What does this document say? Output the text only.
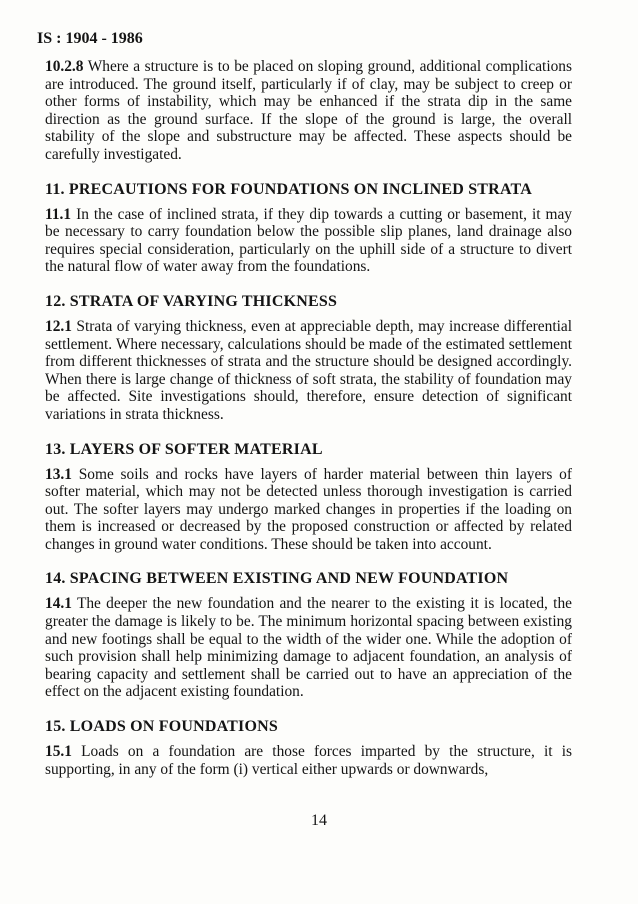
IS : 1904 - 1986

10.2.8 Where a structure is to be placed on sloping ground, additional complications are introduced. The ground itself, particularly if of clay, may be subject to creep or other forms of instability, which may be enhanced if the strata dip in the same direction as the ground surface. If the slope of the ground is large, the overall stability of the slope and substructure may be affected. These aspects should be carefully investigated.

11. PRECAUTIONS FOR FOUNDATIONS ON INCLINED STRATA

11.1 In the case of inclined strata, if they dip towards a cutting or basement, it may be necessary to carry foundation below the possible slip planes, land drainage also requires special consideration, particularly on the uphill side of a structure to divert the natural flow of water away from the foundations.

12. STRATA OF VARYING THICKNESS

12.1 Strata of varying thickness, even at appreciable depth, may increase differential settlement. Where necessary, calculations should be made of the estimated settlement from different thicknesses of strata and the structure should be designed accordingly. When there is large change of thickness of soft strata, the stability of foundation may be affected. Site investigations should, therefore, ensure detection of significant variations in strata thickness.

13. LAYERS OF SOFTER MATERIAL

13.1 Some soils and rocks have layers of harder material between thin layers of softer material, which may not be detected unless thorough investigation is carried out. The softer layers may undergo marked changes in properties if the loading on them is increased or decreased by the proposed construction or affected by related changes in ground water conditions. These should be taken into account.

14. SPACING BETWEEN EXISTING AND NEW FOUNDATION

14.1 The deeper the new foundation and the nearer to the existing it is located, the greater the damage is likely to be. The minimum horizontal spacing between existing and new footings shall be equal to the width of the wider one. While the adoption of such provision shall help minimizing damage to adjacent foundation, an analysis of bearing capacity and settlement shall be carried out to have an appreciation of the effect on the adjacent existing foundation.

15. LOADS ON FOUNDATIONS

15.1 Loads on a foundation are those forces imparted by the structure, it is supporting, in any of the form (i) vertical either upwards or downwards,

14
